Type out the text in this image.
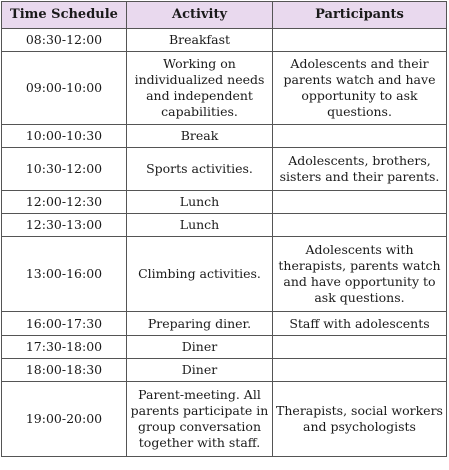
Time Schedule	Activity	Participants
08:30-12:00	Breakfast	
09:00-10:00	Working on individualized needs and independent capabilities.	Adolescents and their parents watch and have opportunity to ask questions.
10:00-10:30	Break	
10:30-12:00	Sports activities.	Adolescents, brothers, sisters and their parents.
12:00-12:30	Lunch	
12:30-13:00	Lunch	
13:00-16:00	Climbing activities.	Adolescents with therapists, parents watch and have opportunity to ask questions.
16:00-17:30	Preparing diner.	Staff with adolescents
17:30-18:00	Diner	
18:00-18:30	Diner	
19:00-20:00	Parent-meeting. All parents participate in group conversation together with staff.	Therapists, social workers and psychologists
